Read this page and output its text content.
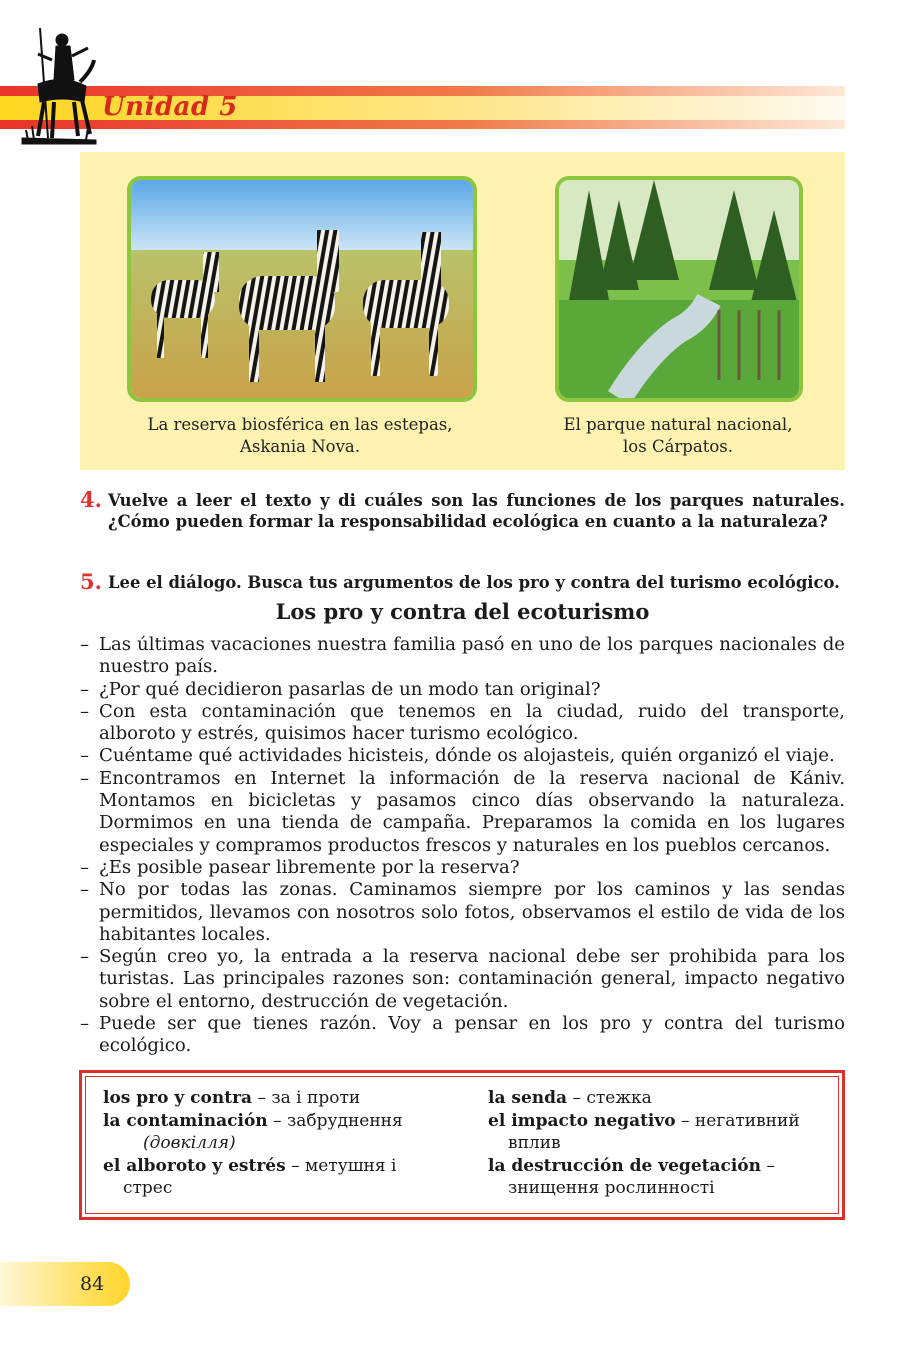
Unidad 5
La reserva biosférica en las estepas,
Askania Nova.
El parque natural nacional,
los Cárpatos.
4. Vuelve a leer el texto y di cuáles son las funciones de los parques naturales. ¿Cómo pueden formar la responsabilidad ecológica en cuanto a la naturaleza?
5. Lee el diálogo. Busca tus argumentos de los pro y contra del turismo ecológico.
Los pro y contra del ecoturismo
– Las últimas vacaciones nuestra familia pasó en uno de los parques nacionales de nuestro país.
– ¿Por qué decidieron pasarlas de un modo tan original?
– Con esta contaminación que tenemos en la ciudad, ruido del transporte, alboroto y estrés, quisimos hacer turismo ecológico.
– Cuéntame qué actividades hicisteis, dónde os alojasteis, quién organizó el viaje.
– Encontramos en Internet la información de la reserva nacional de Kániv. Montamos en bicicletas y pasamos cinco días observando la naturaleza. Dormimos en una tienda de campaña. Preparamos la comida en los lugares especiales y compramos productos frescos y naturales en los pueblos cercanos.
– ¿Es posible pasear libremente por la reserva?
– No por todas las zonas. Caminamos siempre por los caminos y las sendas permitidos, llevamos con nosotros solo fotos, observamos el estilo de vida de los habitantes locales.
– Según creo yo, la entrada a la reserva nacional debe ser prohibida para los turistas. Las principales razones son: contaminación general, impacto negativo sobre el entorno, destrucción de vegetación.
– Puede ser que tienes razón. Voy a pensar en los pro y contra del turismo ecológico.
los pro y contra – за і проти
la contaminación – забруднення
(довкілля)
el alboroto y estrés – метушня і стрес
la senda – стежка
el impacto negativo – негативний вплив
la destrucción de vegetación – знищення рослинності
84
